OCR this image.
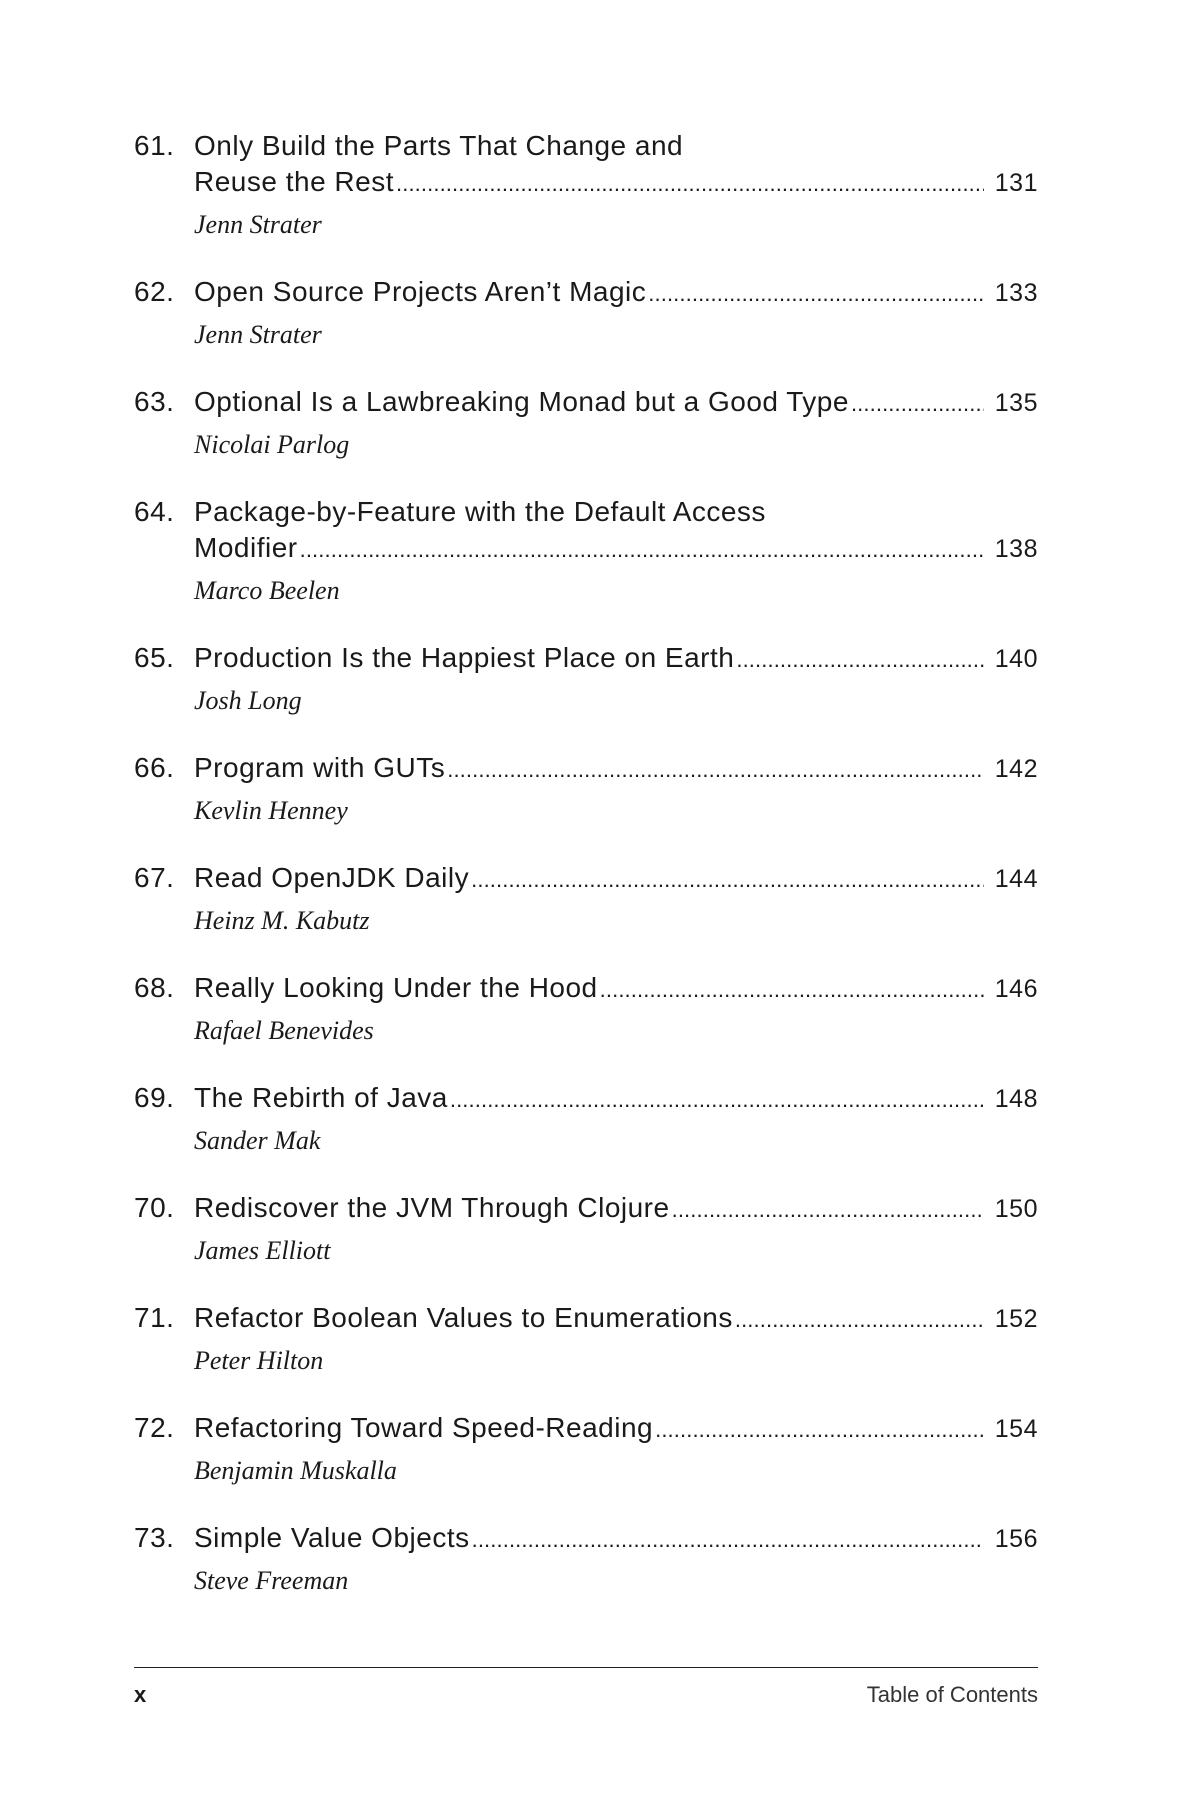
61. Only Build the Parts That Change and
Reuse the Rest . . .	131
Jenn Strater
62. Open Source Projects Aren’t Magic . . .	133
Jenn Strater
63. Optional Is a Lawbreaking Monad but a Good Type . . .	135
Nicolai Parlog
64. Package-by-Feature with the Default Access
Modifier . . .	138
Marco Beelen
65. Production Is the Happiest Place on Earth . . .	140
Josh Long
66. Program with GUTs . . .	142
Kevlin Henney
67. Read OpenJDK Daily . . .	144
Heinz M. Kabutz
68. Really Looking Under the Hood . . .	146
Rafael Benevides
69. The Rebirth of Java . . .	148
Sander Mak
70. Rediscover the JVM Through Clojure . . .	150
James Elliott
71. Refactor Boolean Values to Enumerations . . .	152
Peter Hilton
72. Refactoring Toward Speed-Reading . . .	154
Benjamin Muskalla
73. Simple Value Objects . . .	156
Steve Freeman
x	Table of Contents
